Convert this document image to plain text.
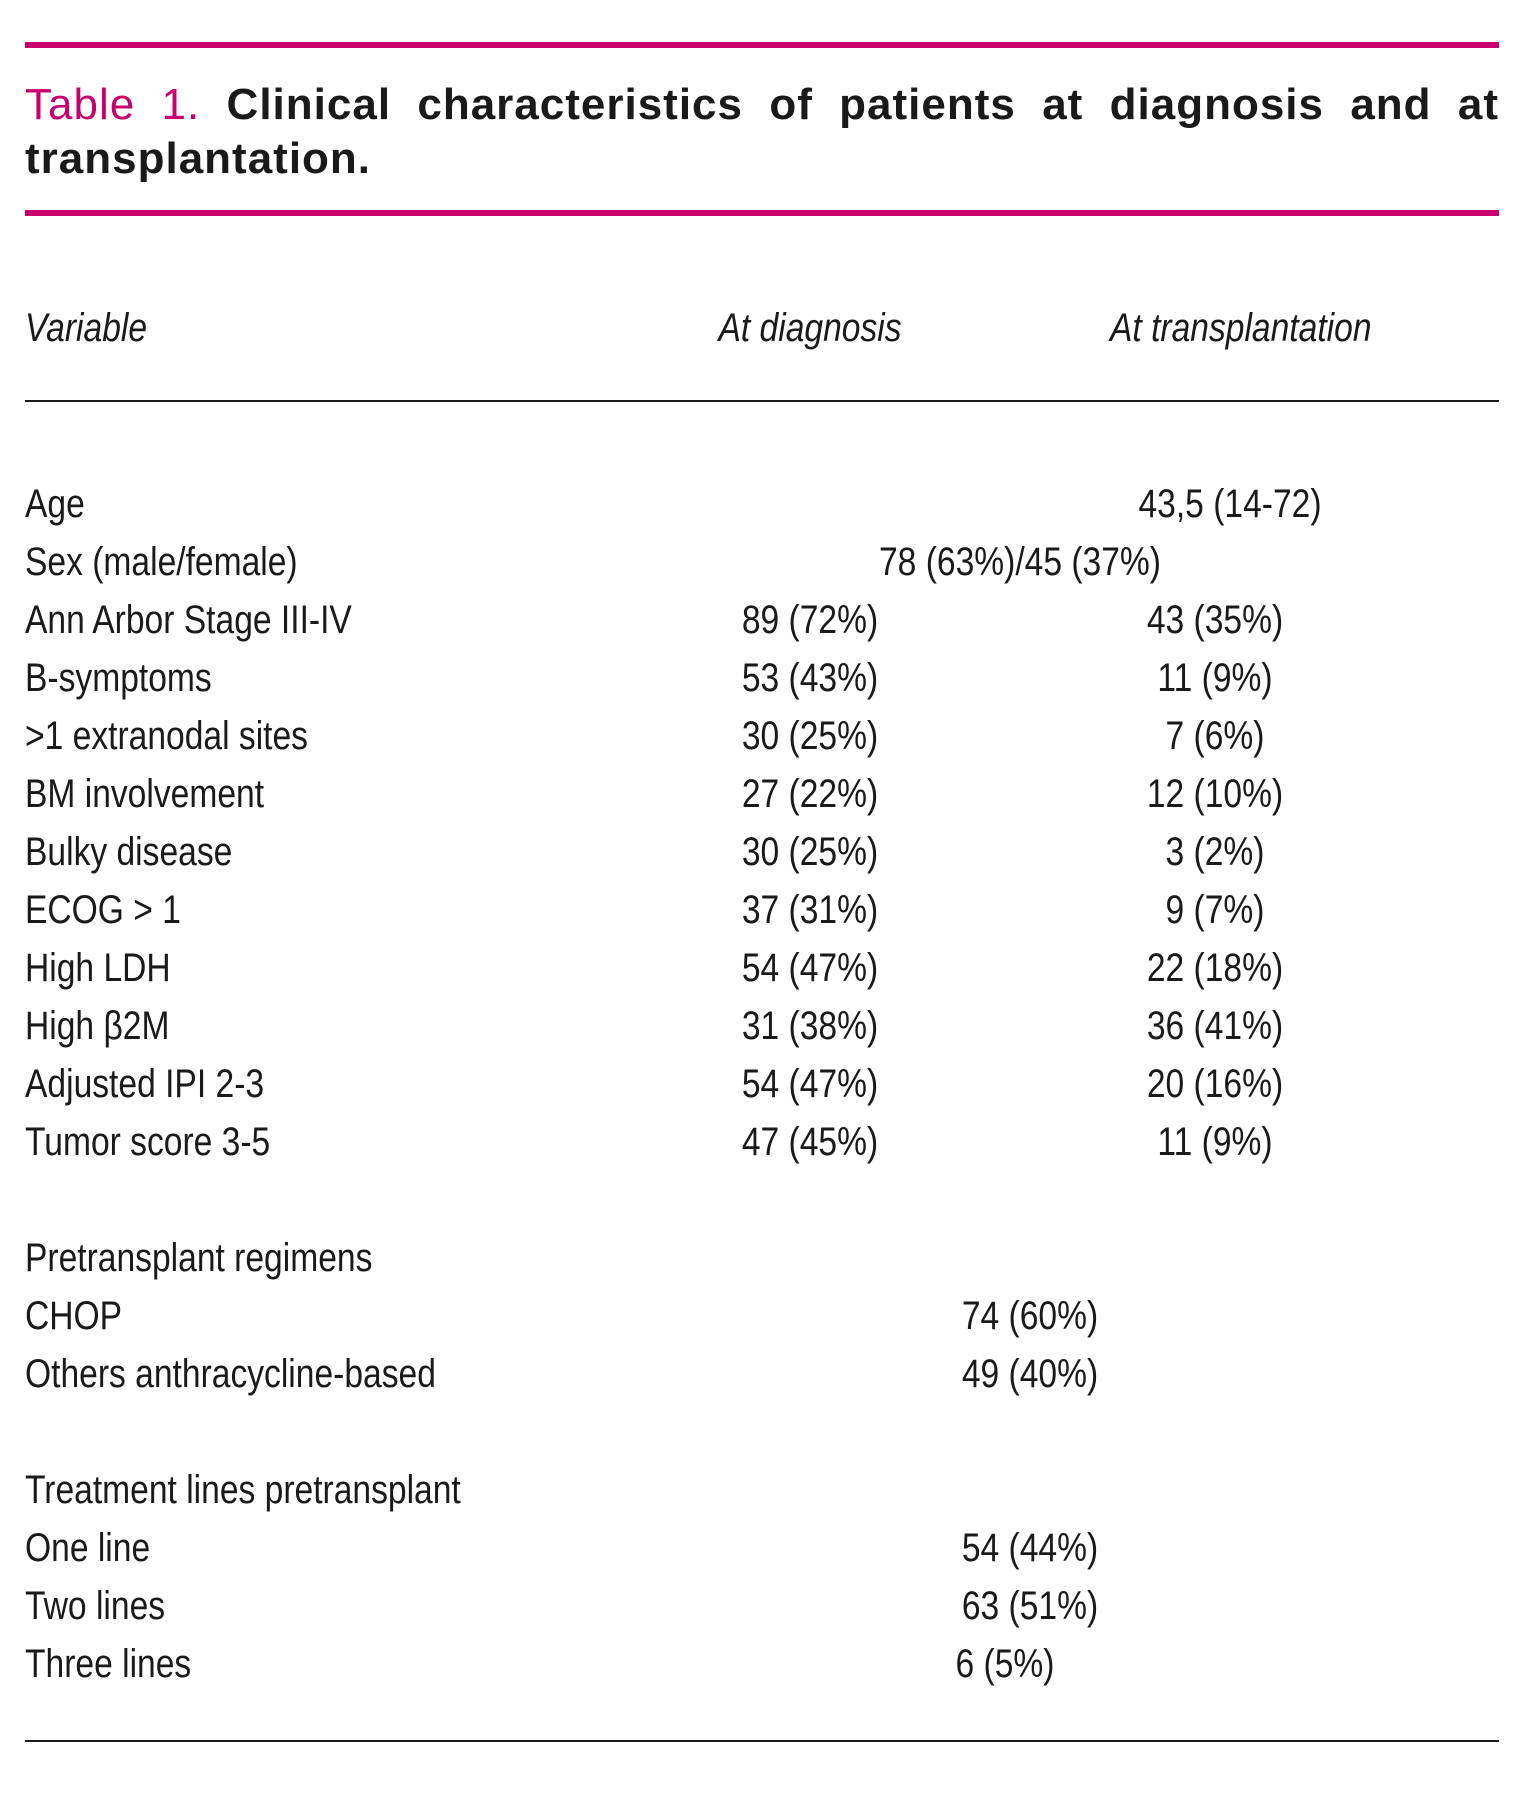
Table 1. Clinical characteristics of patients at diagnosis and at transplantation.
Variable	At diagnosis	At transplantation
Age	43,5 (14-72)
Sex (male/female)	78 (63%)/45 (37%)
Ann Arbor Stage III-IV	89 (72%)	43 (35%)
B-symptoms	53 (43%)	11 (9%)
>1 extranodal sites	30 (25%)	7 (6%)
BM involvement	27 (22%)	12 (10%)
Bulky disease	30 (25%)	3 (2%)
ECOG > 1	37 (31%)	9 (7%)
High LDH	54 (47%)	22 (18%)
High β2M	31 (38%)	36 (41%)
Adjusted IPI 2-3	54 (47%)	20 (16%)
Tumor score 3-5	47 (45%)	11 (9%)
Pretransplant regimens
CHOP	74 (60%)
Others anthracycline-based	49 (40%)
Treatment lines pretransplant
One line	54 (44%)
Two lines	63 (51%)
Three lines	6 (5%)
